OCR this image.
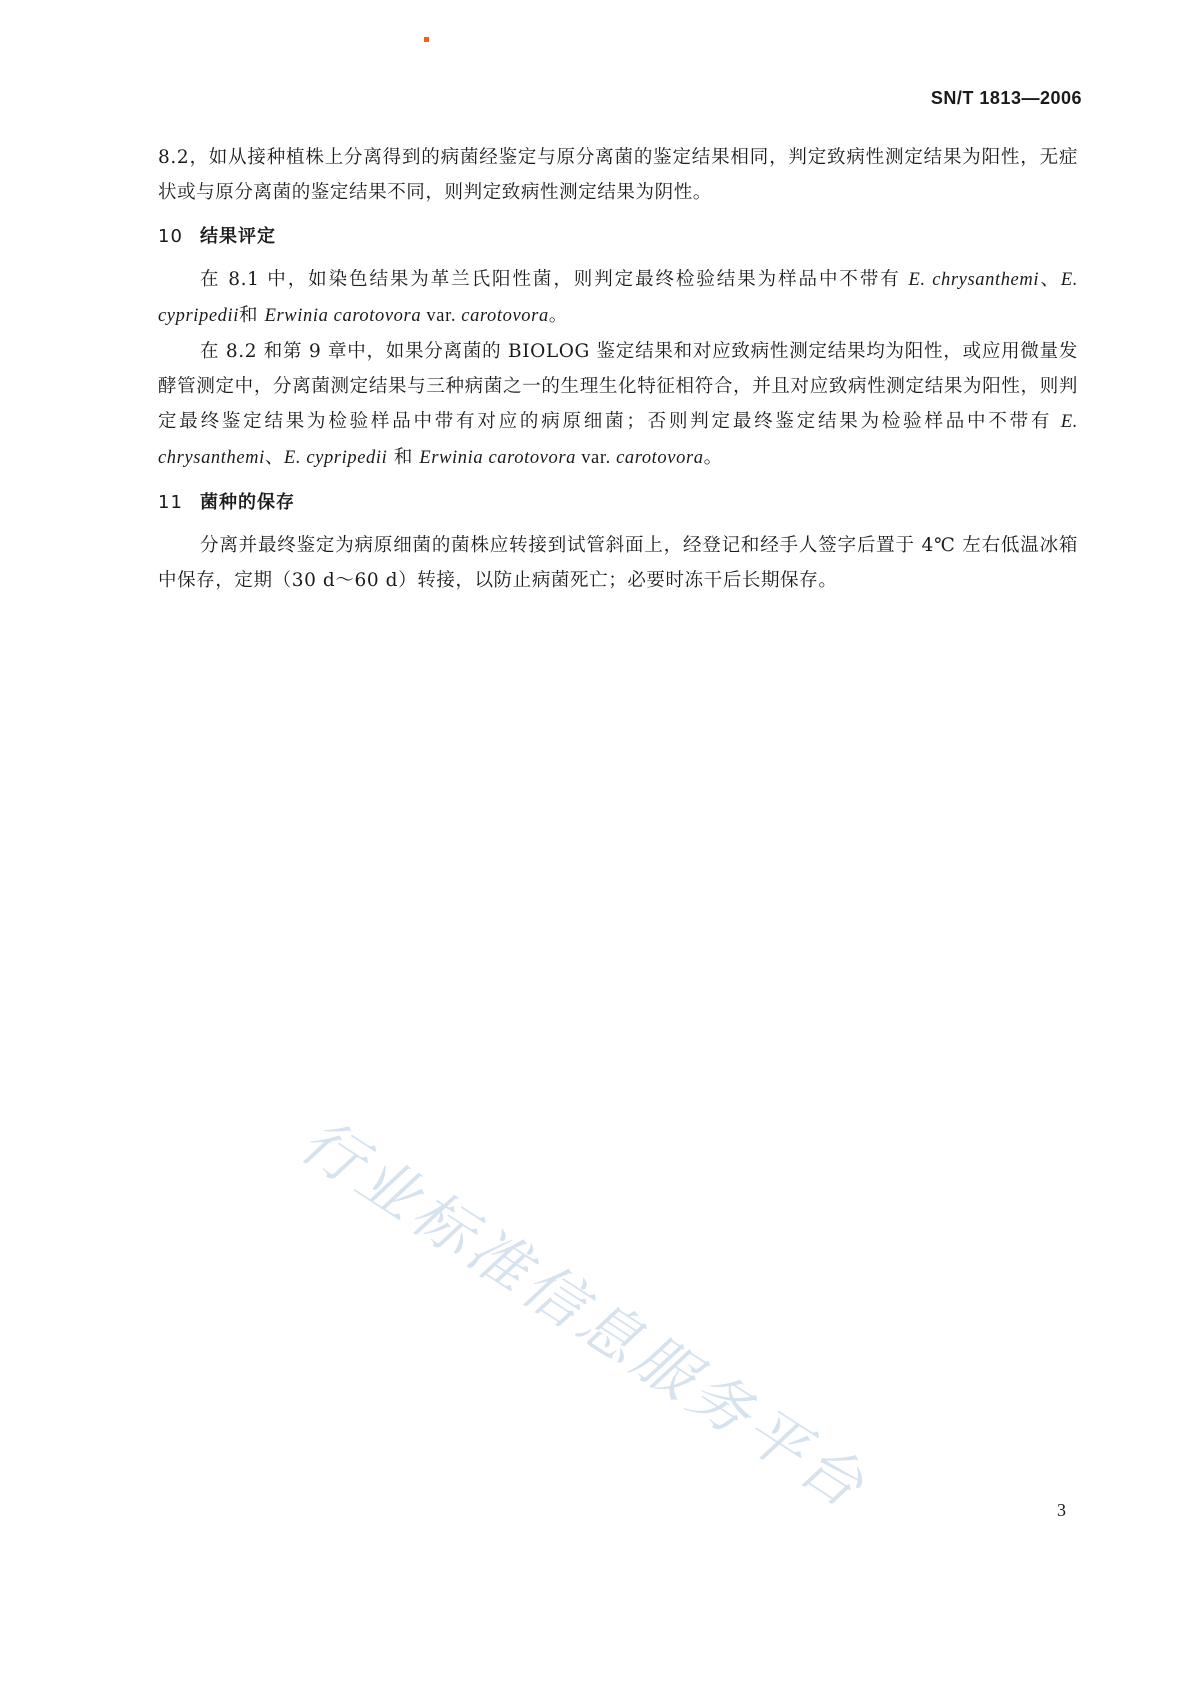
SN/T 1813—2006

8.2，如从接种植株上分离得到的病菌经鉴定与原分离菌的鉴定结果相同，判定致病性测定结果为阳性，无症状或与原分离菌的鉴定结果不同，则判定致病性测定结果为阴性。

10 结果评定

在 8.1 中，如染色结果为革兰氏阳性菌，则判定最终检验结果为样品中不带有 E. chrysanthemi、E. cypripedii和 Erwinia carotovora var. carotovora。

在 8.2 和第 9 章中，如果分离菌的 BIOLOG 鉴定结果和对应致病性测定结果均为阳性，或应用微量发酵管测定中，分离菌测定结果与三种病菌之一的生理生化特征相符合，并且对应致病性测定结果为阳性，则判定最终鉴定结果为检验样品中带有对应的病原细菌；否则判定最终鉴定结果为检验样品中不带有 E. chrysanthemi、E. cypripedii 和 Erwinia carotovora var. carotovora。

11 菌种的保存

分离并最终鉴定为病原细菌的菌株应转接到试管斜面上，经登记和经手人签字后置于 4℃ 左右低温冰箱中保存，定期（30 d～60 d）转接，以防止病菌死亡；必要时冻干后长期保存。

行业标准信息服务平台	3
